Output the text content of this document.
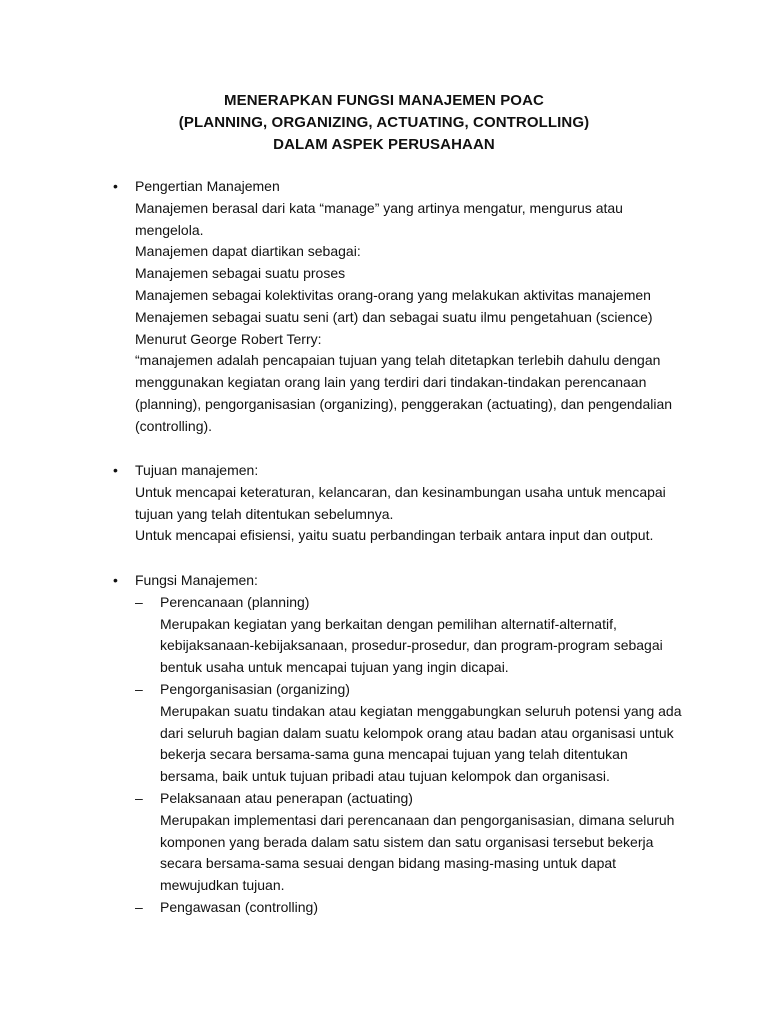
MENERAPKAN FUNGSI MANAJEMEN POAC
(PLANNING, ORGANIZING, ACTUATING, CONTROLLING)
DALAM ASPEK PERUSAHAAN
• Pengertian Manajemen
Manajemen berasal dari kata “manage” yang artinya mengatur, mengurus atau
mengelola.
Manajemen dapat diartikan sebagai:
Manajemen sebagai suatu proses
Manajemen sebagai kolektivitas orang-orang yang melakukan aktivitas manajemen
Menajemen sebagai suatu seni (art) dan sebagai suatu ilmu pengetahuan (science)
Menurut George Robert Terry:
“manajemen adalah pencapaian tujuan yang telah ditetapkan terlebih dahulu dengan
menggunakan kegiatan orang lain yang terdiri dari tindakan-tindakan perencanaan
(planning), pengorganisasian (organizing), penggerakan (actuating), dan pengendalian
(controlling).
• Tujuan manajemen:
Untuk mencapai keteraturan, kelancaran, dan kesinambungan usaha untuk mencapai
tujuan yang telah ditentukan sebelumnya.
Untuk mencapai efisiensi, yaitu suatu perbandingan terbaik antara input dan output.
• Fungsi Manajemen:
– Perencanaan (planning)
Merupakan kegiatan yang berkaitan dengan pemilihan alternatif-alternatif,
kebijaksanaan-kebijaksanaan, prosedur-prosedur, dan program-program sebagai
bentuk usaha untuk mencapai tujuan yang ingin dicapai.
– Pengorganisasian (organizing)
Merupakan suatu tindakan atau kegiatan menggabungkan seluruh potensi yang ada
dari seluruh bagian dalam suatu kelompok orang atau badan atau organisasi untuk
bekerja secara bersama-sama guna mencapai tujuan yang telah ditentukan
bersama, baik untuk tujuan pribadi atau tujuan kelompok dan organisasi.
– Pelaksanaan atau penerapan (actuating)
Merupakan implementasi dari perencanaan dan pengorganisasian, dimana seluruh
komponen yang berada dalam satu sistem dan satu organisasi tersebut bekerja
secara bersama-sama sesuai dengan bidang masing-masing untuk dapat
mewujudkan tujuan.
– Pengawasan (controlling)
